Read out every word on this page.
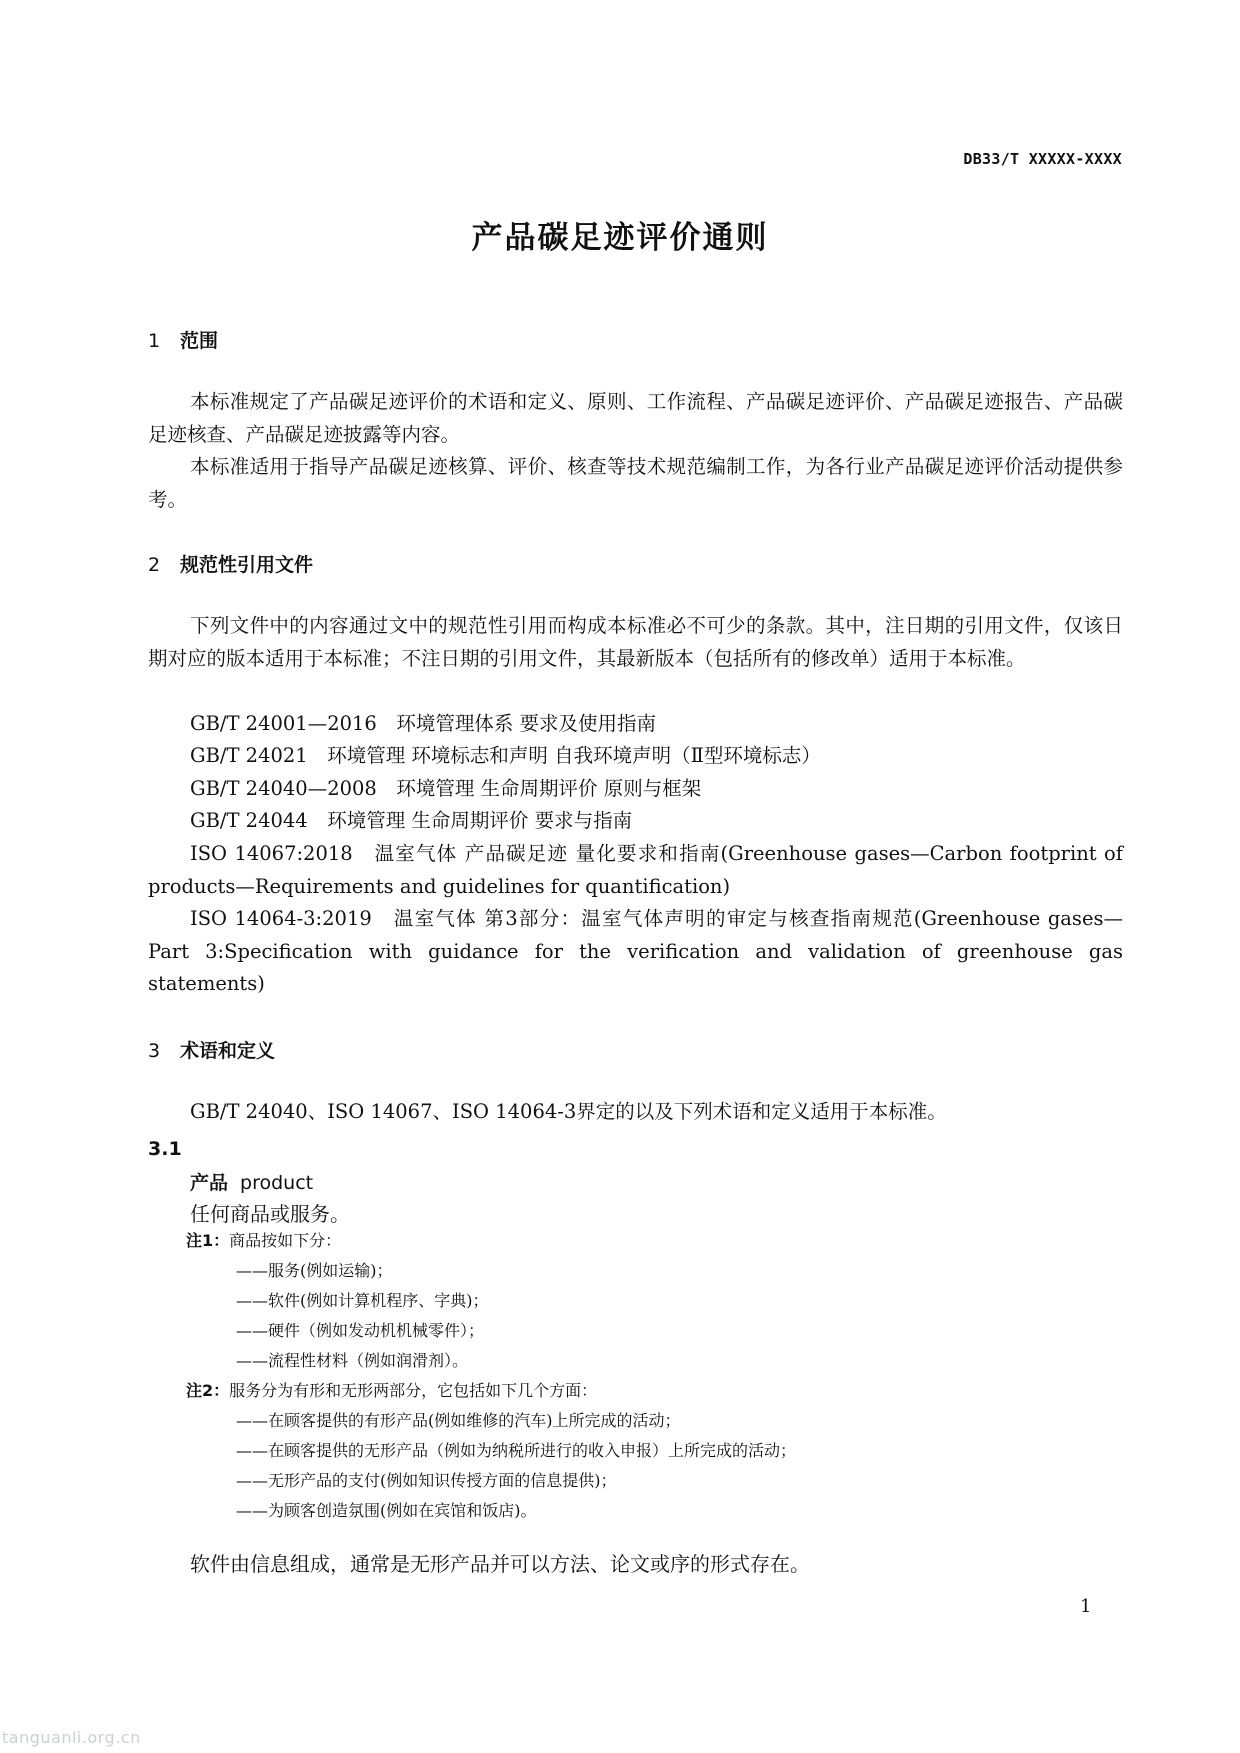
DB33/T XXXXX-XXXX
产品碳足迹评价通则
1 范围
本标准规定了产品碳足迹评价的术语和定义、原则、工作流程、产品碳足迹评价、产品碳足迹报告、产品碳足迹核查、产品碳足迹披露等内容。
本标准适用于指导产品碳足迹核算、评价、核查等技术规范编制工作，为各行业产品碳足迹评价活动提供参考。
2 规范性引用文件
下列文件中的内容通过文中的规范性引用而构成本标准必不可少的条款。其中，注日期的引用文件，仅该日期对应的版本适用于本标准；不注日期的引用文件，其最新版本（包括所有的修改单）适用于本标准。
GB/T 24001—2016　环境管理体系 要求及使用指南
GB/T 24021　环境管理 环境标志和声明 自我环境声明（Ⅱ型环境标志）
GB/T 24040—2008　环境管理 生命周期评价 原则与框架
GB/T 24044　环境管理 生命周期评价 要求与指南
ISO 14067:2018　温室气体 产品碳足迹 量化要求和指南(Greenhouse gases—Carbon footprint of products—Requirements and guidelines for quantification)
ISO 14064-3:2019　温室气体 第3部分：温室气体声明的审定与核查指南规范(Greenhouse gases—Part 3:Specification with guidance for the verification and validation of greenhouse gas statements)
3 术语和定义
GB/T 24040、ISO 14067、ISO 14064-3界定的以及下列术语和定义适用于本标准。
3.1
产品 product
任何商品或服务。
注1：商品按如下分：
——服务(例如运输)；
——软件(例如计算机程序、字典)；
——硬件（例如发动机机械零件）；
——流程性材料（例如润滑剂）。
注2：服务分为有形和无形两部分，它包括如下几个方面：
——在顾客提供的有形产品(例如维修的汽车)上所完成的活动；
——在顾客提供的无形产品（例如为纳税所进行的收入申报）上所完成的活动；
——无形产品的支付(例如知识传授方面的信息提供)；
——为顾客创造氛围(例如在宾馆和饭店)。
软件由信息组成，通常是无形产品并可以方法、论文或序的形式存在。
1
tanguanli.org.cn
